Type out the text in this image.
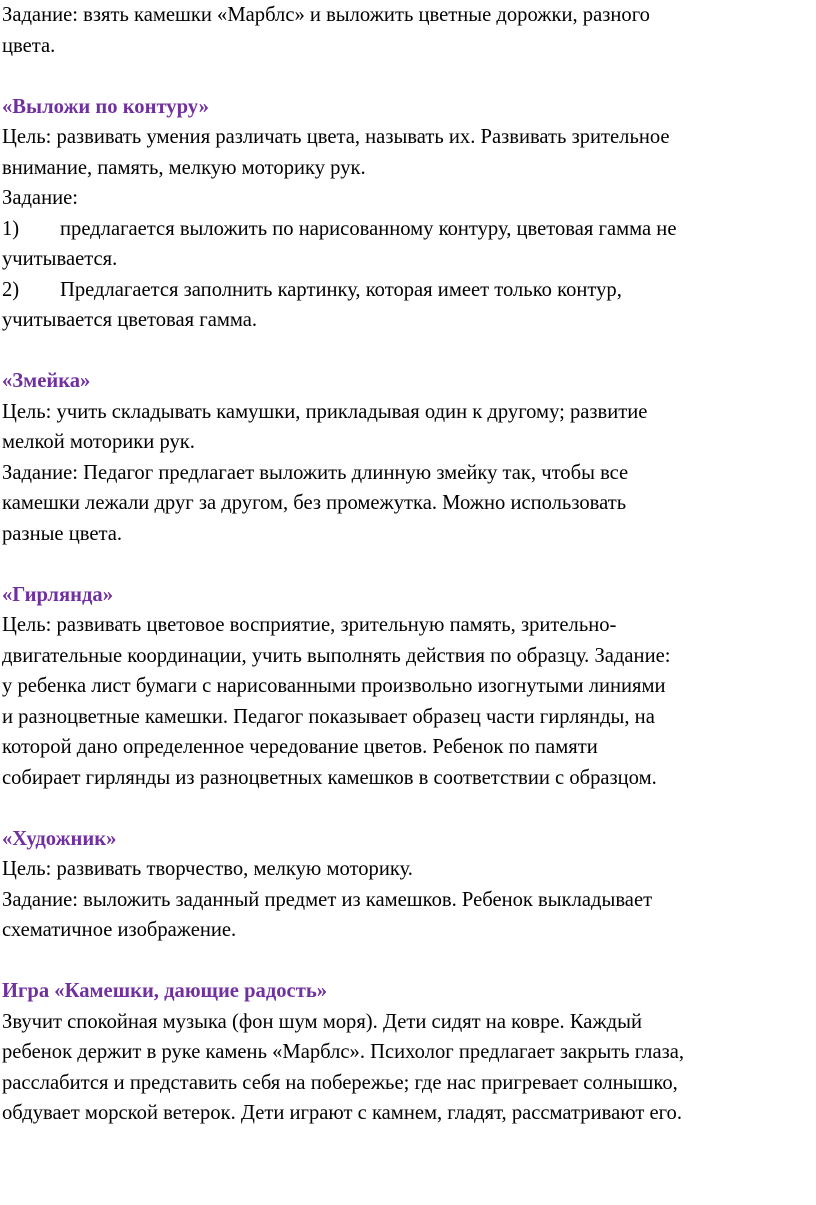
Задание: взять камешки «Марблс» и выложить цветные дорожки, разного
цвета.
«Выложи по контуру»
Цель: развивать умения различать цвета, называть их. Развивать зрительное
внимание, память, мелкую моторику рук.
Задание:
1) предлагается выложить по нарисованному контуру, цветовая гамма не
учитывается.
2) Предлагается заполнить картинку, которая имеет только контур,
учитывается цветовая гамма.
«Змейка»
Цель: учить складывать камушки, прикладывая один к другому; развитие
мелкой моторики рук.
Задание: Педагог предлагает выложить длинную змейку так, чтобы все
камешки лежали друг за другом, без промежутка. Можно использовать
разные цвета.
«Гирлянда»
Цель: развивать цветовое восприятие, зрительную память, зрительно-
двигательные координации, учить выполнять действия по образцу. Задание:
у ребенка лист бумаги с нарисованными произвольно изогнутыми линиями
и разноцветные камешки. Педагог показывает образец части гирлянды, на
которой дано определенное чередование цветов. Ребенок по памяти
собирает гирлянды из разноцветных камешков в соответствии с образцом.
«Художник»
Цель: развивать творчество, мелкую моторику.
Задание: выложить заданный предмет из камешков. Ребенок выкладывает
схематичное изображение.
Игра «Камешки, дающие радость»
Звучит спокойная музыка (фон шум моря). Дети сидят на ковре. Каждый
ребенок держит в руке камень «Марблс». Психолог предлагает закрыть глаза,
расслабится и представить себя на побережье; где нас пригревает солнышко,
обдувает морской ветерок. Дети играют с камнем, гладят, рассматривают его.
